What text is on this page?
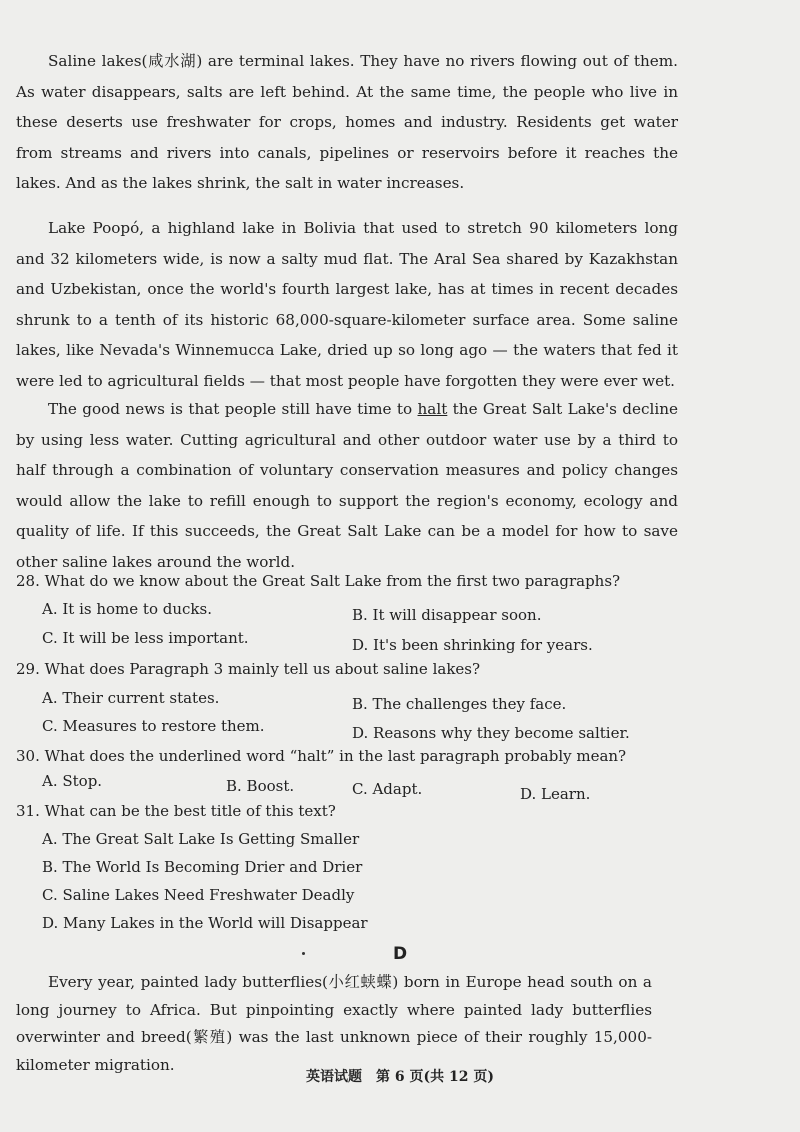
Saline lakes(咸水湖) are terminal lakes. They have no rivers flowing out of them. As water disappears, salts are left behind. At the same time, the people who live in these deserts use freshwater for crops, homes and industry. Residents get water from streams and rivers into canals, pipelines or reservoirs before it reaches the lakes. And as the lakes shrink, the salt in water increases.

Lake Poopó, a highland lake in Bolivia that used to stretch 90 kilometers long and 32 kilometers wide, is now a salty mud flat. The Aral Sea shared by Kazakhstan and Uzbekistan, once the world's fourth largest lake, has at times in recent decades shrunk to a tenth of its historic 68,000-square-kilometer surface area. Some saline lakes, like Nevada's Winnemucca Lake, dried up so long ago — the waters that fed it were led to agricultural fields — that most people have forgotten they were ever wet.

The good news is that people still have time to halt the Great Salt Lake's decline by using less water. Cutting agricultural and other outdoor water use by a third to half through a combination of voluntary conservation measures and policy changes would allow the lake to refill enough to support the region's economy, ecology and quality of life. If this succeeds, the Great Salt Lake can be a model for how to save other saline lakes around the world.

28. What do we know about the Great Salt Lake from the first two paragraphs?

A. It is home to ducks.	B. It will disappear soon.

C. It will be less important.	D. It's been shrinking for years.

29. What does Paragraph 3 mainly tell us about saline lakes?

A. Their current states.	B. The challenges they face.

C. Measures to restore them.	D. Reasons why they become saltier.

30. What does the underlined word “halt” in the last paragraph probably mean?

A. Stop.	B. Boost.	C. Adapt.	D. Learn.

31. What can be the best title of this text?

A. The Great Salt Lake Is Getting Smaller

B. The World Is Becoming Drier and Drier

C. Saline Lakes Need Freshwater Deadly

D. Many Lakes in the World will Disappear

D

Every year, painted lady butterflies(小红蛱蝶) born in Europe head south on a long journey to Africa. But pinpointing exactly where painted lady butterflies overwinter and breed(繁殖) was the last unknown piece of their roughly 15,000-kilometer migration.

英语试题　第 6 页(共 12 页)
